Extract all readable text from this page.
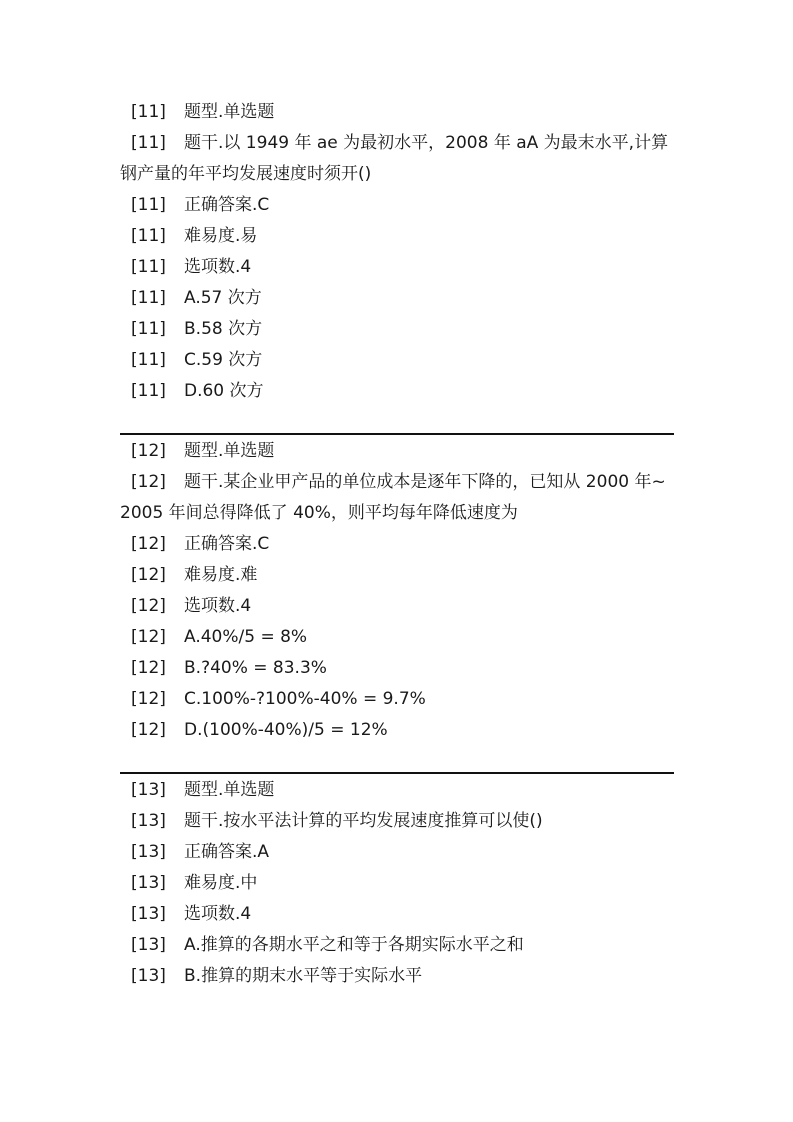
[11] 题型.单选题
[11]	题干.以 1949 年 ae 为最初水平，2008 年 aA 为最末水平,计算钢产量的年平均发展速度时须开()
[11] 正确答案.C
[11] 难易度.易
[11] 选项数.4
[11] A.57 次方
[11] B.58 次方
[11] C.59 次方
[11] D.60 次方
[12] 题型.单选题
[12]	题干.某企业甲产品的单位成本是逐年下降的，已知从 2000 年~2005 年间总得降低了 40%，则平均每年降低速度为
[12] 正确答案.C
[12] 难易度.难
[12] 选项数.4
[12] A.40%/5 = 8%
[12] B.?40% = 83.3%
[12] C.100%-?100%-40% = 9.7%
[12] D.(100%-40%)/5 = 12%
[13] 题型.单选题
[13] 题干.按水平法计算的平均发展速度推算可以使()
[13] 正确答案.A
[13] 难易度.中
[13] 选项数.4
[13] A.推算的各期水平之和等于各期实际水平之和
[13] B.推算的期末水平等于实际水平
